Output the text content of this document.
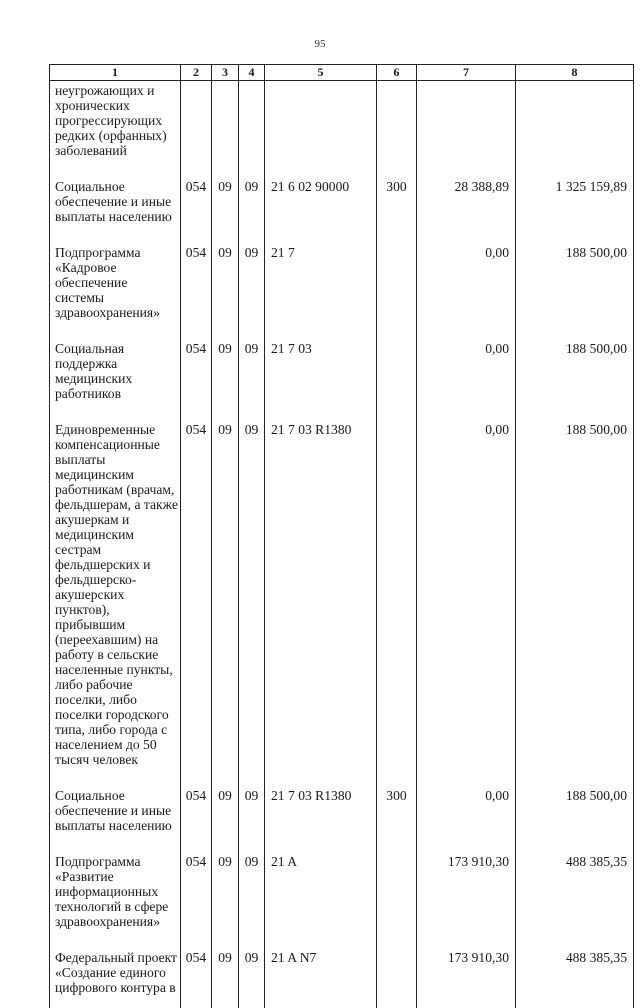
95
1	2	3	4	5	6	7	8
неугрожающих и хронических прогрессирующих редких (орфанных) заболеваний							
Социальное обеспечение и иные выплаты населению	054	09	09	21 6 02 90000	300	28 388,89	1 325 159,89
Подпрограмма «Кадровое обеспечение системы здравоохранения»	054	09	09	21 7		0,00	188 500,00
Социальная поддержка медицинских работников	054	09	09	21 7 03		0,00	188 500,00
Единовременные компенсационные выплаты медицинским работникам (врачам, фельдшерам, а также акушеркам и медицинским сестрам фельдшерских и фельдшерско-акушерских пунктов), прибывшим (переехавшим) на работу в сельские населенные пункты, либо рабочие поселки, либо поселки городского типа, либо города с населением до 50 тысяч человек	054	09	09	21 7 03 R1380		0,00	188 500,00
Социальное обеспечение и иные выплаты населению	054	09	09	21 7 03 R1380	300	0,00	188 500,00
Подпрограмма «Развитие информационных технологий в сфере здравоохранения»	054	09	09	21 A		173 910,30	488 385,35
Федеральный проект «Создание единого цифрового контура в	054	09	09	21 A N7		173 910,30	488 385,35
